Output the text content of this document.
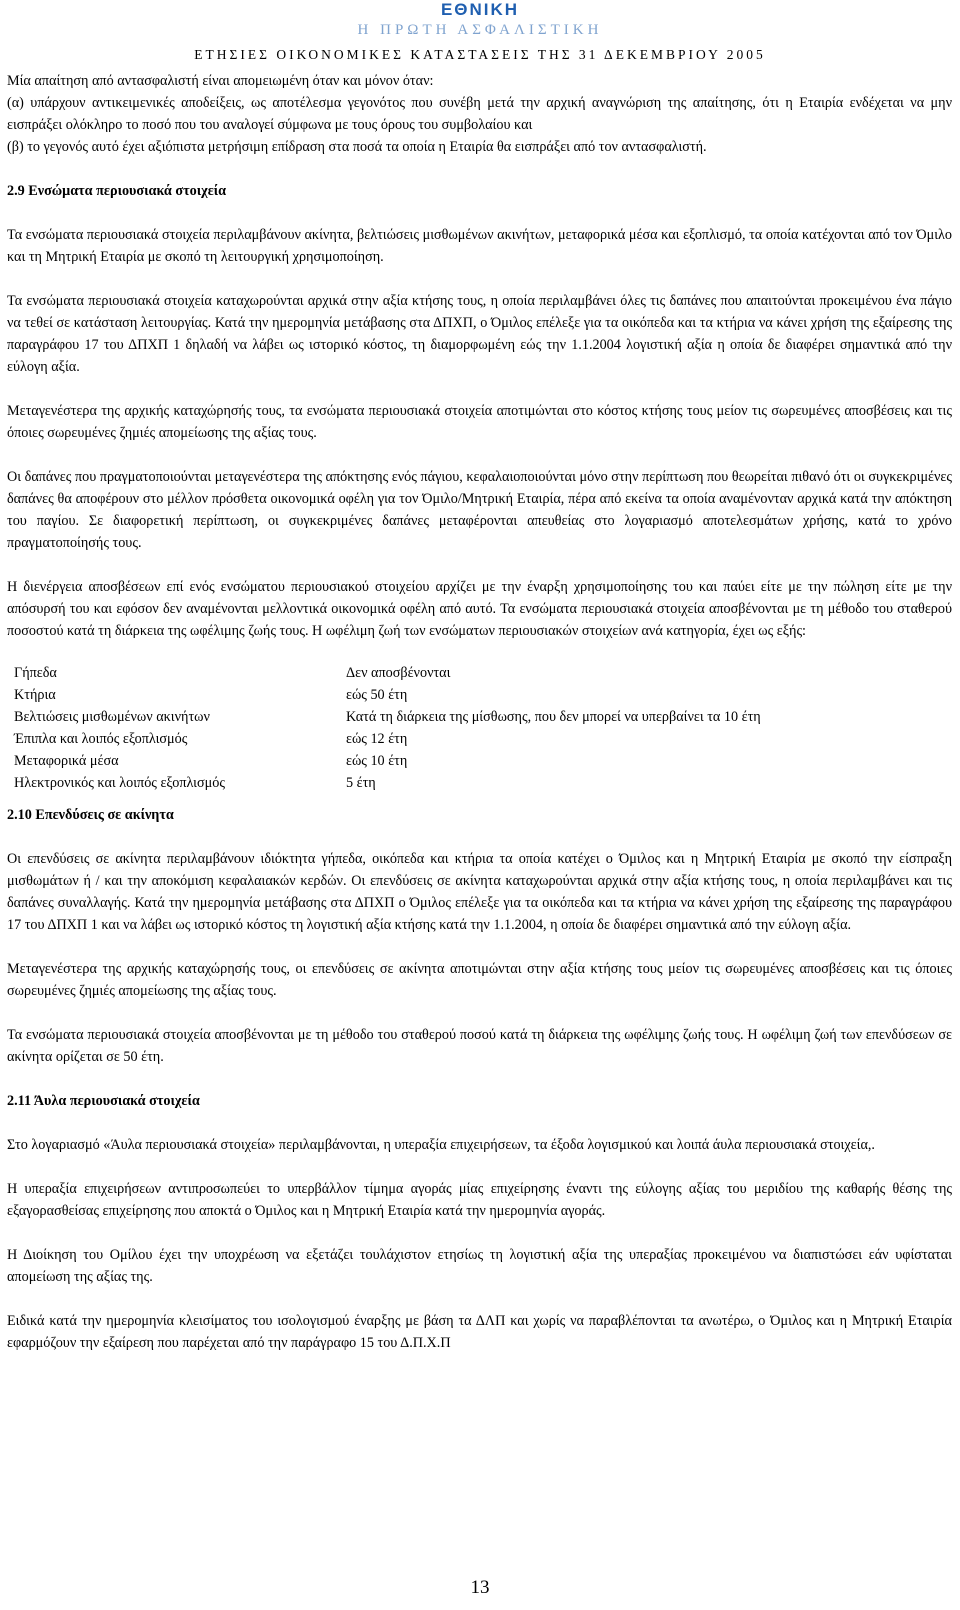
ΕΘΝΙΚΗ
Η ΠΡΩΤΗ ΑΣΦΑΛΙΣΤΙΚΗ
ΕΤΗΣΙΕΣ ΟΙΚΟΝΟΜΙΚΕΣ ΚΑΤΑΣΤΑΣΕΙΣ ΤΗΣ 31 ΔΕΚΕΜΒΡΙΟΥ 2005

Μία απαίτηση από αντασφαλιστή είναι απομειωμένη όταν και μόνον όταν:

(α) υπάρχουν αντικειμενικές αποδείξεις, ως αποτέλεσμα γεγονότος που συνέβη μετά την αρχική αναγνώριση της απαίτησης, ότι η Εταιρία ενδέχεται να μην εισπράξει ολόκληρο το ποσό που του αναλογεί σύμφωνα με τους όρους του συμβολαίου και

(β) το γεγονός αυτό έχει αξιόπιστα μετρήσιμη επίδραση στα ποσά τα οποία η Εταιρία θα εισπράξει από τον αντασφαλιστή.

2.9 Ενσώματα περιουσιακά στοιχεία

Τα ενσώματα περιουσιακά στοιχεία περιλαμβάνουν ακίνητα, βελτιώσεις μισθωμένων ακινήτων, μεταφορικά μέσα και εξοπλισμό, τα οποία κατέχονται από τον Όμιλο και τη Μητρική Εταιρία με σκοπό τη λειτουργική χρησιμοποίηση.

Τα ενσώματα περιουσιακά στοιχεία καταχωρούνται αρχικά στην αξία κτήσης τους, η οποία περιλαμβάνει όλες τις δαπάνες που απαιτούνται προκειμένου ένα πάγιο να τεθεί σε κατάσταση λειτουργίας. Κατά την ημερομηνία μετάβασης στα ΔΠΧΠ, ο Όμιλος επέλεξε για τα οικόπεδα και τα κτήρια να κάνει χρήση της εξαίρεσης της παραγράφου 17 του ΔΠΧΠ 1 δηλαδή να λάβει ως ιστορικό κόστος, τη διαμορφωμένη εώς την 1.1.2004 λογιστική αξία η οποία δε διαφέρει σημαντικά από την εύλογη αξία.

Μεταγενέστερα της αρχικής καταχώρησής τους, τα ενσώματα περιουσιακά στοιχεία αποτιμώνται στο κόστος κτήσης τους μείον τις σωρευμένες αποσβέσεις και τις όποιες σωρευμένες ζημιές απομείωσης της αξίας τους.

Οι δαπάνες που πραγματοποιούνται μεταγενέστερα της απόκτησης ενός πάγιου, κεφαλαιοποιούνται μόνο στην περίπτωση που θεωρείται πιθανό ότι οι συγκεκριμένες δαπάνες θα αποφέρουν στο μέλλον πρόσθετα οικονομικά οφέλη για τον Όμιλο/Μητρική Εταιρία, πέρα από εκείνα τα οποία αναμένονταν αρχικά κατά την απόκτηση του παγίου. Σε διαφορετική περίπτωση, οι συγκεκριμένες δαπάνες μεταφέρονται απευθείας στο λογαριασμό αποτελεσμάτων χρήσης, κατά το χρόνο πραγματοποίησής τους.

Η διενέργεια αποσβέσεων επί ενός ενσώματου περιουσιακού στοιχείου αρχίζει με την έναρξη χρησιμοποίησης του και παύει είτε με την πώληση είτε με την απόσυρσή του και εφόσον δεν αναμένονται μελλοντικά οικονομικά οφέλη από αυτό. Τα ενσώματα περιουσιακά στοιχεία αποσβένονται με τη μέθοδο του σταθερού ποσοστού κατά τη διάρκεια της ωφέλιμης ζωής τους. Η ωφέλιμη ζωή των ενσώματων περιουσιακών στοιχείων ανά κατηγορία, έχει ως εξής:

Γήπεδα	Δεν αποσβένονται
Κτήρια	εώς 50 έτη
Βελτιώσεις μισθωμένων ακινήτων	Κατά τη διάρκεια της μίσθωσης, που δεν μπορεί να υπερβαίνει τα 10 έτη
Έπιπλα και λοιπός εξοπλισμός	εώς 12 έτη
Μεταφορικά μέσα	εώς 10 έτη
Ηλεκτρονικός και λοιπός εξοπλισμός	5 έτη

2.10 Επενδύσεις σε ακίνητα

Οι επενδύσεις σε ακίνητα περιλαμβάνουν ιδιόκτητα γήπεδα, οικόπεδα και κτήρια τα οποία κατέχει ο Όμιλος και η Μητρική Εταιρία με σκοπό την είσπραξη μισθωμάτων ή / και την αποκόμιση κεφαλαιακών κερδών. Οι επενδύσεις σε ακίνητα καταχωρούνται αρχικά στην αξία κτήσης τους, η οποία περιλαμβάνει και τις δαπάνες συναλλαγής. Κατά την ημερομηνία μετάβασης στα ΔΠΧΠ ο Όμιλος επέλεξε για τα οικόπεδα και τα κτήρια να κάνει χρήση της εξαίρεσης της παραγράφου 17 του ΔΠΧΠ 1 και να λάβει ως ιστορικό κόστος τη λογιστική αξία κτήσης κατά την 1.1.2004, η οποία δε διαφέρει σημαντικά από την εύλογη αξία.

Μεταγενέστερα της αρχικής καταχώρησής τους, οι επενδύσεις σε ακίνητα αποτιμώνται στην αξία κτήσης τους μείον τις σωρευμένες αποσβέσεις και τις όποιες σωρευμένες ζημιές απομείωσης της αξίας τους.

Τα ενσώματα περιουσιακά στοιχεία αποσβένονται με τη μέθοδο του σταθερού ποσού κατά τη διάρκεια της ωφέλιμης ζωής τους. Η ωφέλιμη ζωή των επενδύσεων σε ακίνητα ορίζεται σε 50 έτη.

2.11 Άυλα περιουσιακά στοιχεία

Στο λογαριασμό «Άυλα περιουσιακά στοιχεία» περιλαμβάνονται, η υπεραξία επιχειρήσεων, τα έξοδα λογισμικού και λοιπά άυλα περιουσιακά στοιχεία,.

Η υπεραξία επιχειρήσεων αντιπροσωπεύει το υπερβάλλον τίμημα αγοράς μίας επιχείρησης έναντι της εύλογης αξίας του μεριδίου της καθαρής θέσης της εξαγορασθείσας επιχείρησης που αποκτά ο Όμιλος και η Μητρική Εταιρία κατά την ημερομηνία αγοράς.

Η Διοίκηση του Ομίλου έχει την υποχρέωση να εξετάζει τουλάχιστον ετησίως τη λογιστική αξία της υπεραξίας προκειμένου να διαπιστώσει εάν υφίσταται απομείωση της αξίας της.

Ειδικά κατά την ημερομηνία κλεισίματος του ισολογισμού έναρξης με βάση τα ΔΛΠ και χωρίς να παραβλέπονται τα ανωτέρω, ο Όμιλος και η Μητρική Εταιρία εφαρμόζουν την εξαίρεση που παρέχεται από την παράγραφο 15 του Δ.Π.Χ.Π

13
